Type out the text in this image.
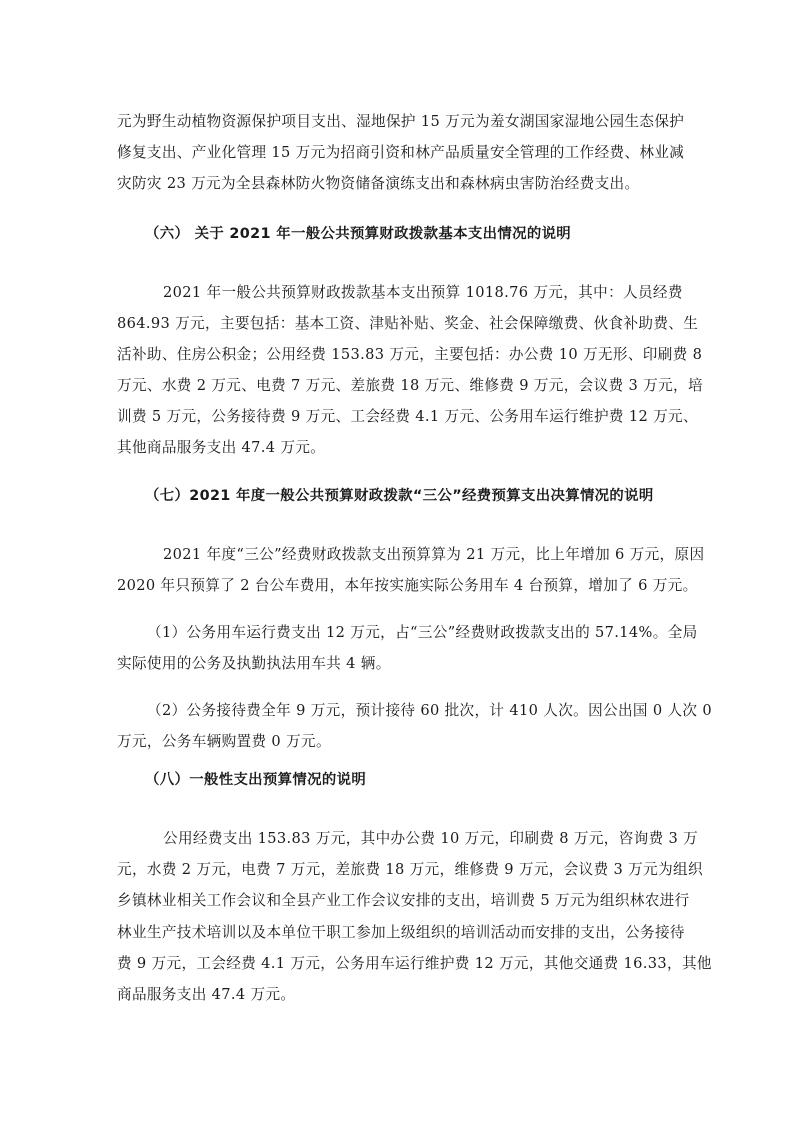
元为野生动植物资源保护项目支出、湿地保护 15 万元为羞女湖国家湿地公园生态保护
修复支出、产业化管理 15 万元为招商引资和林产品质量安全管理的工作经费、林业减
灾防灾 23 万元为全县森林防火物资储备演练支出和森林病虫害防治经费支出。
（六） 关于 2021 年一般公共预算财政拨款基本支出情况的说明
2021 年一般公共预算财政拨款基本支出预算 1018.76 万元，其中：人员经费
864.93 万元，主要包括：基本工资、津贴补贴、奖金、社会保障缴费、伙食补助费、生
活补助、住房公积金；公用经费 153.83 万元，主要包括：办公费 10 万无形、印刷费 8
万元、水费 2 万元、电费 7 万元、差旅费 18 万元、维修费 9 万元，会议费 3 万元，培
训费 5 万元，公务接待费 9 万元、工会经费 4.1 万元、公务用车运行维护费 12 万元、
其他商品服务支出 47.4 万元。
（七）2021 年度一般公共预算财政拨款“三公”经费预算支出决算情况的说明
2021 年度“三公”经费财政拨款支出预算算为 21 万元，比上年增加 6 万元，原因
2020 年只预算了 2 台公车费用，本年按实施实际公务用车 4 台预算，增加了 6 万元。
（1）公务用车运行费支出 12 万元，占“三公”经费财政拨款支出的 57.14%。全局
实际使用的公务及执勤执法用车共 4 辆。
（2）公务接待费全年 9 万元，预计接待 60 批次，计 410 人次。因公出国 0 人次 0
万元，公务车辆购置费 0 万元。
（八）一般性支出预算情况的说明
公用经费支出 153.83 万元，其中办公费 10 万元，印刷费 8 万元，咨询费 3 万
元，水费 2 万元，电费 7 万元，差旅费 18 万元，维修费 9 万元，会议费 3 万元为组织
乡镇林业相关工作会议和全县产业工作会议安排的支出，培训费 5 万元为组织林农进行
林业生产技术培训以及本单位干职工参加上级组织的培训活动而安排的支出，公务接待
费 9 万元，工会经费 4.1 万元，公务用车运行维护费 12 万元，其他交通费 16.33，其他
商品服务支出 47.4 万元。
